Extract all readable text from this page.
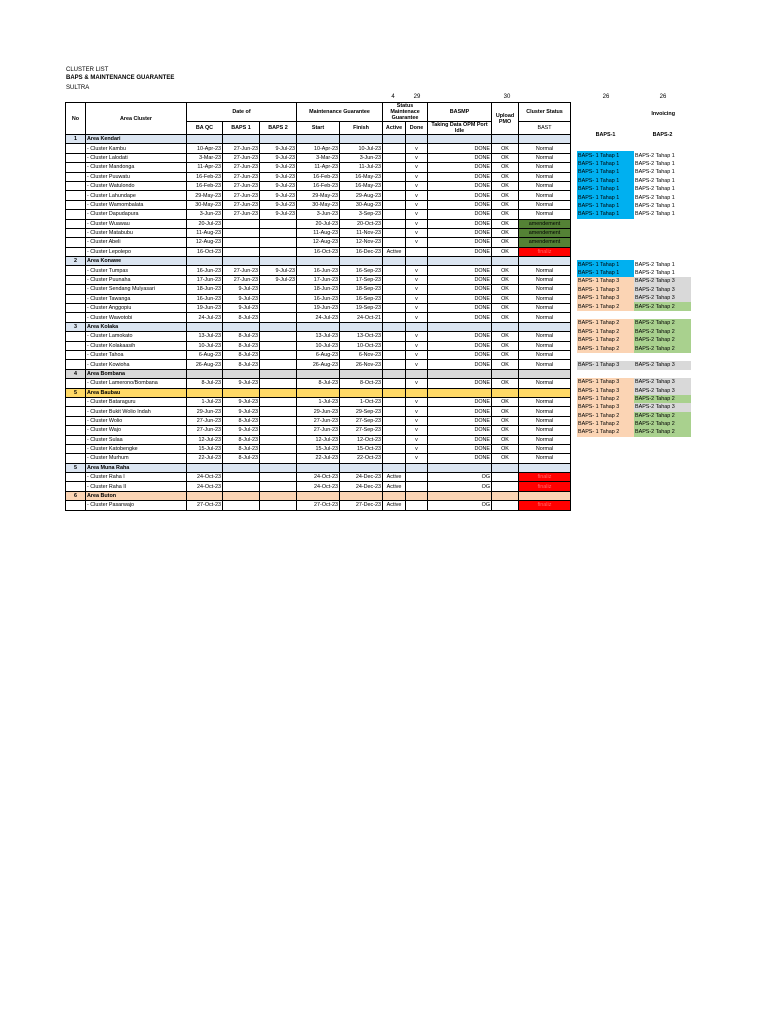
CLUSTER LIST
BAPS & MAINTENANCE GUARANTEE
SULTRA
4	29	30	26	26
No	Area Cluster	Date of			Maintenance Guarantee		Status Maintenace Guarantee		BASMP	Upload PMO	Cluster Status
		BA QC	BAPS 1	BAPS 2	Start	Finish	Active	Done	Taking Data OPM Port Idle		BAST
1	Area Kendari										
	- Cluster Kambu	10-Apr-23	27-Jun-23	9-Jul-23	10-Apr-23	10-Jul-23		v	DONE	OK	Normal
	- Cluster Lalodati	3-Mar-23	27-Jun-23	9-Jul-23	3-Mar-23	3-Jun-23		v	DONE	OK	Normal
	- Cluster Mandonga	11-Apr-23	27-Jun-23	9-Jul-23	11-Apr-23	11-Jul-23		v	DONE	OK	Normal
	- Cluster Puuwatu	16-Feb-23	27-Jun-23	9-Jul-23	16-Feb-23	16-May-23		v	DONE	OK	Normal
	- Cluster Watulondo	16-Feb-23	27-Jun-23	9-Jul-23	16-Feb-23	16-May-23		v	DONE	OK	Normal
	- Cluster Lahundape	29-May-23	27-Jun-23	9-Jul-23	29-May-23	29-Aug-23		v	DONE	OK	Normal
	- Cluster Wamombalata	30-May-23	27-Jun-23	9-Jul-23	30-May-23	30-Aug-23		v	DONE	OK	Normal
	- Cluster Dapudapura	3-Jun-23	27-Jun-23	9-Jul-23	3-Jun-23	3-Sep-23		v	DONE	OK	Normal
	- Cluster Wuawau	20-Jul-23			20-Jul-23	20-Oct-23		v	DONE	OK	amendement
	- Cluster Matabubu	11-Aug-23			11-Aug-23	11-Nov-23		v	DONE	OK	amendement
	- Cluster Abeli	12-Aug-23			12-Aug-23	12-Nov-23		v	DONE	OK	amendement
	- Cluster Lepolepo	16-Oct-23			16-Oct-23	16-Dec-23	Active		DONE	OK	finaliz
2	Area Konawe										
	- Cluster Tumpas	16-Jun-23	27-Jun-23	9-Jul-23	16-Jun-23	16-Sep-23		v	DONE	OK	Normal
	- Cluster Puunaha	17-Jun-23	27-Jun-23	9-Jul-23	17-Jun-23	17-Sep-23		v	DONE	OK	Normal
	- Cluster Sendang Mulyasari	18-Jun-23	9-Jul-23		18-Jun-23	18-Sep-23		v	DONE	OK	Normal
	- Cluster Tawanga	16-Jun-23	9-Jul-23		16-Jun-23	16-Sep-23		v	DONE	OK	Normal
	- Cluster Anggopiu	19-Jun-23	9-Jul-23		19-Jun-23	19-Sep-23		v	DONE	OK	Normal
	- Cluster Wawotobi	24-Jul-23	8-Jul-23		24-Jul-23	24-Oct-21		v	DONE	OK	Normal
3	Area Kolaka										
	- Cluster Lamokato	13-Jul-23	8-Jul-23		13-Jul-23	13-Oct-23		v	DONE	OK	Normal
	- Cluster Kolakaasih	10-Jul-23	8-Jul-23		10-Jul-23	10-Oct-23		v	DONE	OK	Normal
	- Cluster Tahoa	6-Aug-23	8-Jul-23		6-Aug-23	6-Nov-23		v	DONE	OK	Normal
	- Cluster Kowioha	26-Aug-23	8-Jul-23		26-Aug-23	26-Nov-23		v	DONE	OK	Normal
4	Area Bombana										
	- Cluster Lamerono/Bombana	8-Jul-23	9-Jul-23		8-Jul-23	8-Oct-23		v	DONE	OK	Normal
5	Area Baubau										
	- Cluster Bataraguru	1-Jul-23	9-Jul-23		1-Jul-23	1-Oct-23		v	DONE	OK	Normal
	- Cluster Bukit Wolio Indah	29-Jun-23	9-Jul-23		29-Jun-23	29-Sep-23		v	DONE	OK	Normal
	- Cluster Wolio	27-Jun-23	8-Jul-23		27-Jun-23	27-Sep-23		v	DONE	OK	Normal
	- Cluster Wajo	27-Jun-23	9-Jul-23		27-Jun-23	27-Sep-23		v	DONE	OK	Normal
	- Cluster Sulaa	12-Jul-23	8-Jul-23		12-Jul-23	12-Oct-23		v	DONE	OK	Normal
	- Cluster Katobengke	15-Jul-23	8-Jul-23		15-Jul-23	15-Oct-23		v	DONE	OK	Normal
	- Cluster Murhum	22-Jul-23	8-Jul-23		22-Jul-23	22-Oct-23		v	DONE	OK	Normal
5	Area Muna Raha										
	- Cluster Raha I	24-Oct-23			24-Oct-23	24-Dec-23	Active		OG		finaliz
	- Cluster Raha II	24-Oct-23			24-Oct-23	24-Dec-23	Active		OG		finaliz
6	Area Buton										
	- Cluster Pasarwajo	27-Oct-23			27-Oct-23	27-Dec-23	Active		OG		finaliz
Invoicing	
BAPS-1	BAPS-2

BAPS- 1 Tahap 1	BAPS-2 Tahap 1
BAPS- 1 Tahap 1	BAPS-2 Tahap 1
BAPS- 1 Tahap 1	BAPS-2 Tahap 1
BAPS- 1 Tahap 1	BAPS-2 Tahap 1
BAPS- 1 Tahap 1	BAPS-2 Tahap 1
BAPS- 1 Tahap 1	BAPS-2 Tahap 1
BAPS- 1 Tahap 1	BAPS-2 Tahap 1
BAPS- 1 Tahap 1	BAPS-2 Tahap 1

BAPS- 1 Tahap 1	BAPS-2 Tahap 1
BAPS- 1 Tahap 1	BAPS-2 Tahap 1
BAPS- 1 Tahap 3	BAPS-2 Tahap 3
BAPS- 1 Tahap 3	BAPS-2 Tahap 3
BAPS- 1 Tahap 3	BAPS-2 Tahap 3
BAPS- 1 Tahap 2	BAPS-2 Tahap 2

BAPS- 1 Tahap 2	BAPS-2 Tahap 2
BAPS- 1 Tahap 2	BAPS-2 Tahap 2
BAPS- 1 Tahap 2	BAPS-2 Tahap 2
BAPS- 1 Tahap 2	BAPS-2 Tahap 2

BAPS- 1 Tahap 3	BAPS-2 Tahap 3

BAPS- 1 Tahap 3	BAPS-2 Tahap 3
BAPS- 1 Tahap 3	BAPS-2 Tahap 3
BAPS- 1 Tahap 2	BAPS-2 Tahap 2
BAPS- 1 Tahap 3	BAPS-2 Tahap 3
BAPS- 1 Tahap 2	BAPS-2 Tahap 2
BAPS- 1 Tahap 2	BAPS-2 Tahap 2
BAPS- 1 Tahap 2	BAPS-2 Tahap 2
